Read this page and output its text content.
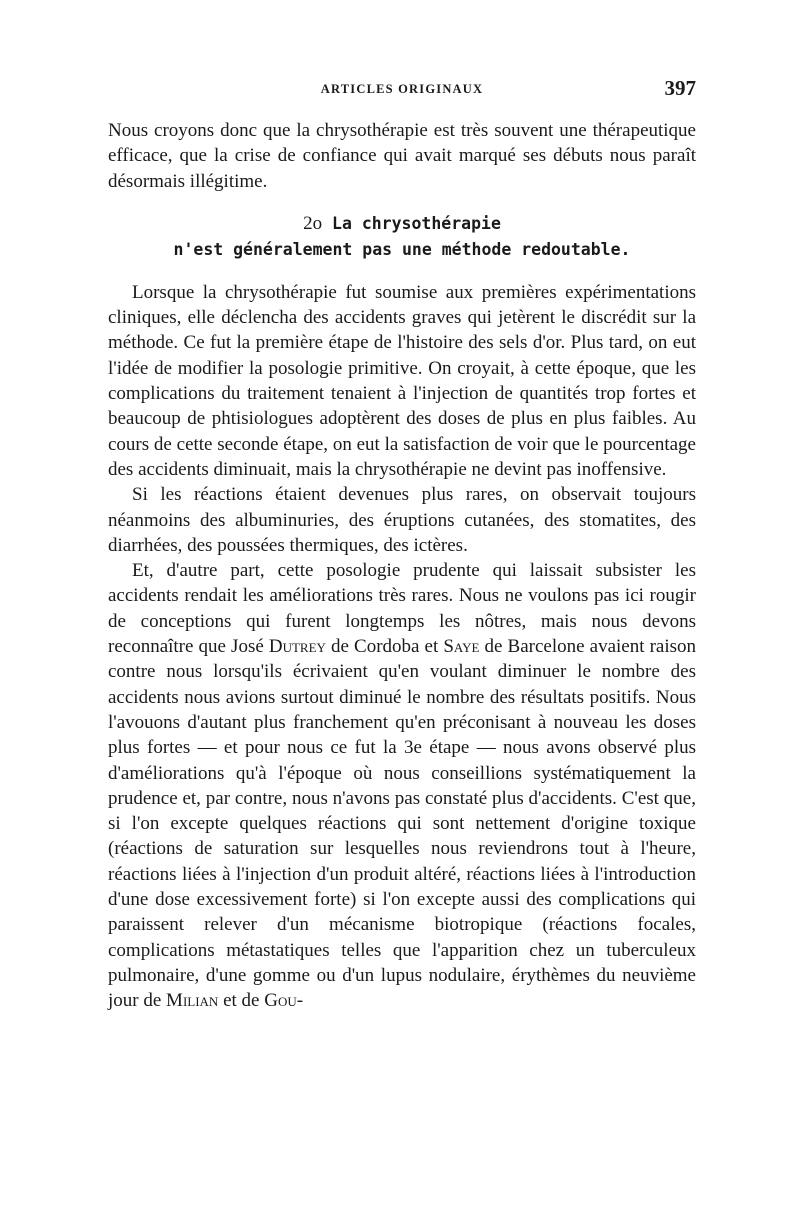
ARTICLES ORIGINAUX	397

Nous croyons donc que la chrysothérapie est très souvent une thérapeutique efficace, que la crise de confiance qui avait marqué ses débuts nous paraît désormais illégitime.

2o La chrysothérapie
n'est généralement pas une méthode redoutable.

Lorsque la chrysothérapie fut soumise aux premières expérimentations cliniques, elle déclencha des accidents graves qui jetèrent le discrédit sur la méthode. Ce fut la première étape de l'histoire des sels d'or. Plus tard, on eut l'idée de modifier la posologie primitive. On croyait, à cette époque, que les complications du traitement tenaient à l'injection de quantités trop fortes et beaucoup de phtisiologues adoptèrent des doses de plus en plus faibles. Au cours de cette seconde étape, on eut la satisfaction de voir que le pourcentage des accidents diminuait, mais la chrysothérapie ne devint pas inoffensive.

Si les réactions étaient devenues plus rares, on observait toujours néanmoins des albuminuries, des éruptions cutanées, des stomatites, des diarrhées, des poussées thermiques, des ictères.

Et, d'autre part, cette posologie prudente qui laissait subsister les accidents rendait les améliorations très rares. Nous ne voulons pas ici rougir de conceptions qui furent longtemps les nôtres, mais nous devons reconnaître que José Dutrey de Cordoba et Saye de Barcelone avaient raison contre nous lorsqu'ils écrivaient qu'en voulant diminuer le nombre des accidents nous avions surtout diminué le nombre des résultats positifs. Nous l'avouons d'autant plus franchement qu'en préconisant à nouveau les doses plus fortes — et pour nous ce fut la 3e étape — nous avons observé plus d'améliorations qu'à l'époque où nous conseillions systématiquement la prudence et, par contre, nous n'avons pas constaté plus d'accidents. C'est que, si l'on excepte quelques réactions qui sont nettement d'origine toxique (réactions de saturation sur lesquelles nous reviendrons tout à l'heure, réactions liées à l'injection d'un produit altéré, réactions liées à l'introduction d'une dose excessivement forte) si l'on excepte aussi des complications qui paraissent relever d'un mécanisme biotropique (réactions focales, complications métastatiques telles que l'apparition chez un tuberculeux pulmonaire, d'une gomme ou d'un lupus nodulaire, érythèmes du neuvième jour de Milian et de Gou-
